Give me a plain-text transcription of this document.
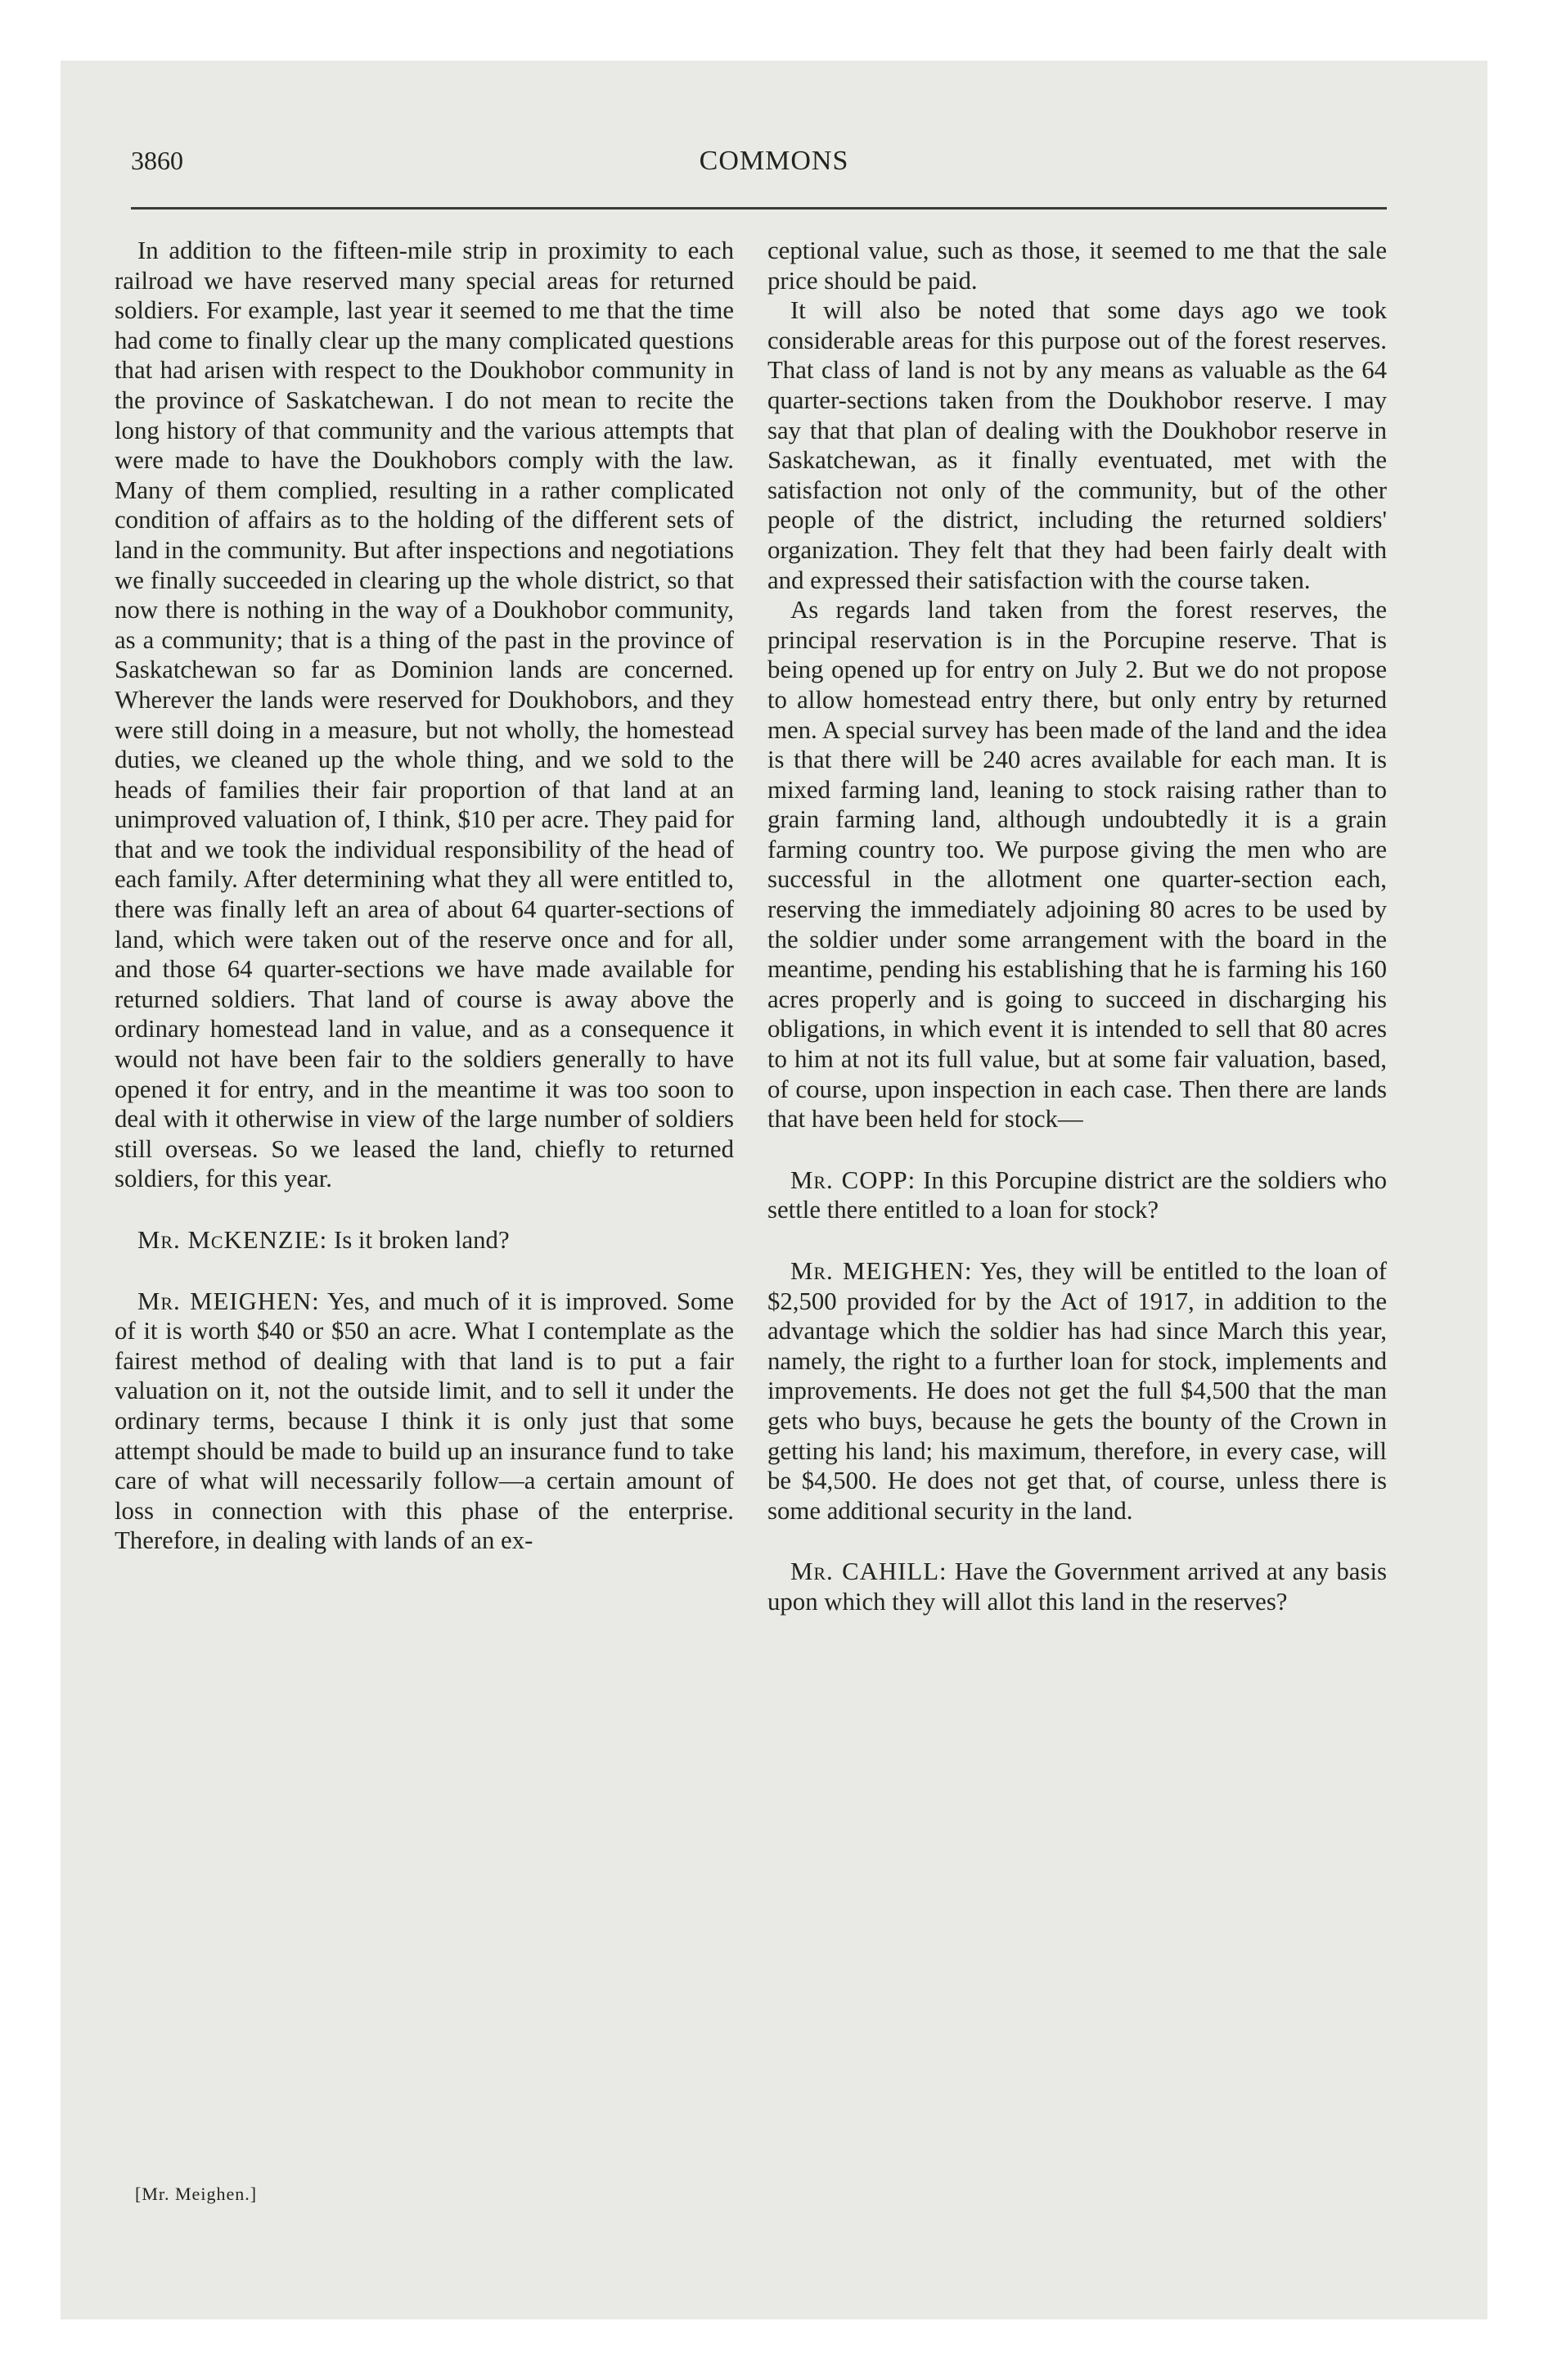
3860	COMMONS

In addition to the fifteen-mile strip in proximity to each railroad we have reserved many special areas for returned soldiers. For example, last year it seemed to me that the time had come to finally clear up the many complicated questions that had arisen with respect to the Doukhobor community in the province of Saskatchewan. I do not mean to recite the long history of that community and the various attempts that were made to have the Doukhobors comply with the law. Many of them complied, resulting in a rather complicated condition of affairs as to the holding of the different sets of land in the community. But after inspections and negotiations we finally succeeded in clearing up the whole district, so that now there is nothing in the way of a Doukhobor community, as a community; that is a thing of the past in the province of Saskatchewan so far as Dominion lands are concerned. Wherever the lands were reserved for Doukhobors, and they were still doing in a measure, but not wholly, the homestead duties, we cleaned up the whole thing, and we sold to the heads of families their fair proportion of that land at an unimproved valuation of, I think, $10 per acre. They paid for that and we took the individual responsibility of the head of each family. After determining what they all were entitled to, there was finally left an area of about 64 quarter-sections of land, which were taken out of the reserve once and for all, and those 64 quarter-sections we have made available for returned soldiers. That land of course is away above the ordinary homestead land in value, and as a consequence it would not have been fair to the soldiers generally to have opened it for entry, and in the meantime it was too soon to deal with it otherwise in view of the large number of soldiers still overseas. So we leased the land, chiefly to returned soldiers, for this year.

Mr. McKENZIE: Is it broken land?

Mr. MEIGHEN: Yes, and much of it is improved. Some of it is worth $40 or $50 an acre. What I contemplate as the fairest method of dealing with that land is to put a fair valuation on it, not the outside limit, and to sell it under the ordinary terms, because I think it is only just that some attempt should be made to build up an insurance fund to take care of what will necessarily follow—a certain amount of loss in connection with this phase of the enterprise. Therefore, in dealing with lands of an ex-

ceptional value, such as those, it seemed to me that the sale price should be paid.

It will also be noted that some days ago we took considerable areas for this purpose out of the forest reserves. That class of land is not by any means as valuable as the 64 quarter-sections taken from the Doukhobor reserve. I may say that that plan of dealing with the Doukhobor reserve in Saskatchewan, as it finally eventuated, met with the satisfaction not only of the community, but of the other people of the district, including the returned soldiers' organization. They felt that they had been fairly dealt with and expressed their satisfaction with the course taken.

As regards land taken from the forest reserves, the principal reservation is in the Porcupine reserve. That is being opened up for entry on July 2. But we do not propose to allow homestead entry there, but only entry by returned men. A special survey has been made of the land and the idea is that there will be 240 acres available for each man. It is mixed farming land, leaning to stock raising rather than to grain farming land, although undoubtedly it is a grain farming country too. We purpose giving the men who are successful in the allotment one quarter-section each, reserving the immediately adjoining 80 acres to be used by the soldier under some arrangement with the board in the meantime, pending his establishing that he is farming his 160 acres properly and is going to succeed in discharging his obligations, in which event it is intended to sell that 80 acres to him at not its full value, but at some fair valuation, based, of course, upon inspection in each case. Then there are lands that have been held for stock—

Mr. COPP: In this Porcupine district are the soldiers who settle there entitled to a loan for stock?

Mr. MEIGHEN: Yes, they will be entitled to the loan of $2,500 provided for by the Act of 1917, in addition to the advantage which the soldier has had since March this year, namely, the right to a further loan for stock, implements and improvements. He does not get the full $4,500 that the man gets who buys, because he gets the bounty of the Crown in getting his land; his maximum, therefore, in every case, will be $4,500. He does not get that, of course, unless there is some additional security in the land.

Mr. CAHILL: Have the Government arrived at any basis upon which they will allot this land in the reserves?

[Mr. Meighen.]
